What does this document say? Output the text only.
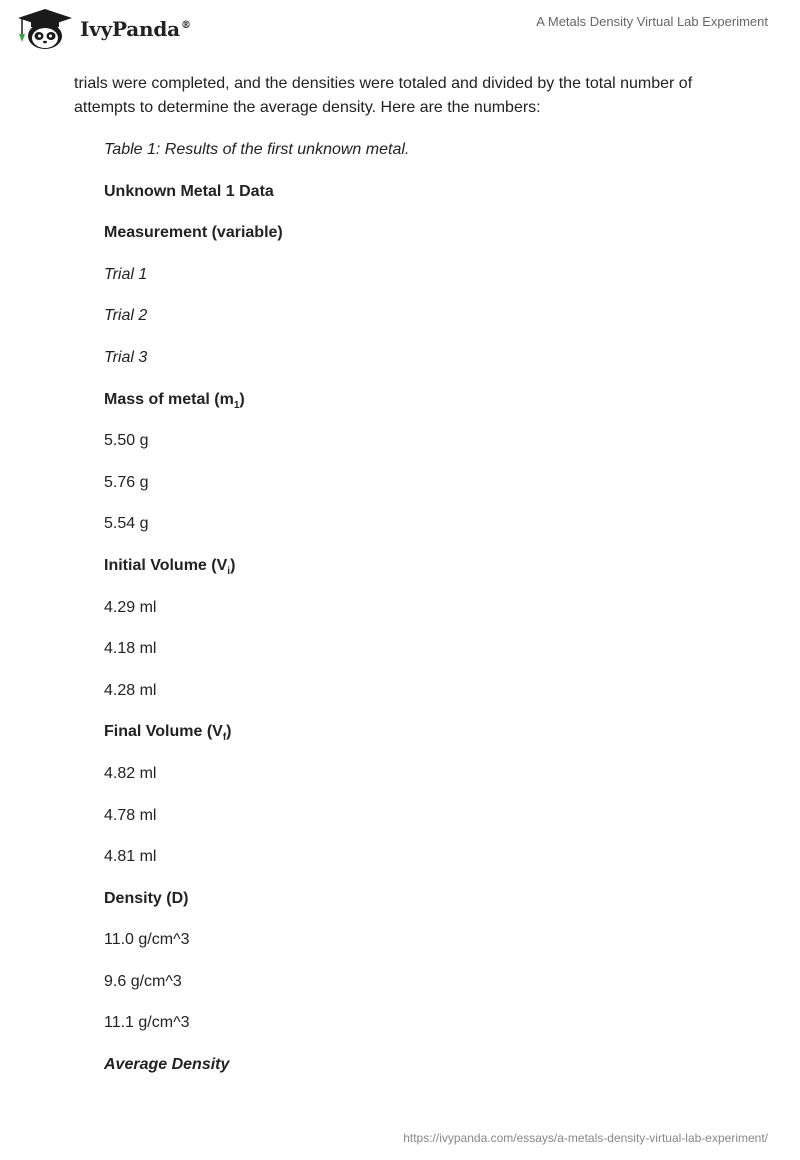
IvyPanda®	A Metals Density Virtual Lab Experiment

trials were completed, and the densities were totaled and divided by the total number of attempts to determine the average density. Here are the numbers:

Table 1: Results of the first unknown metal.
Unknown Metal 1 Data
Measurement (variable)
Trial 1
Trial 2
Trial 3
Mass of metal $(m_1)$
5.50 g
5.76 g
5.54 g
Initial Volume $(V_i)$
4.29 ml
4.18 ml
4.28 ml
Final Volume $(V_f)$
4.82 ml
4.78 ml
4.81 ml
Density (D)
11.0 g/cm^3
9.6 g/cm^3
11.1 g/cm^3
Average Density
https://ivypanda.com/essays/a-metals-density-virtual-lab-experiment/
